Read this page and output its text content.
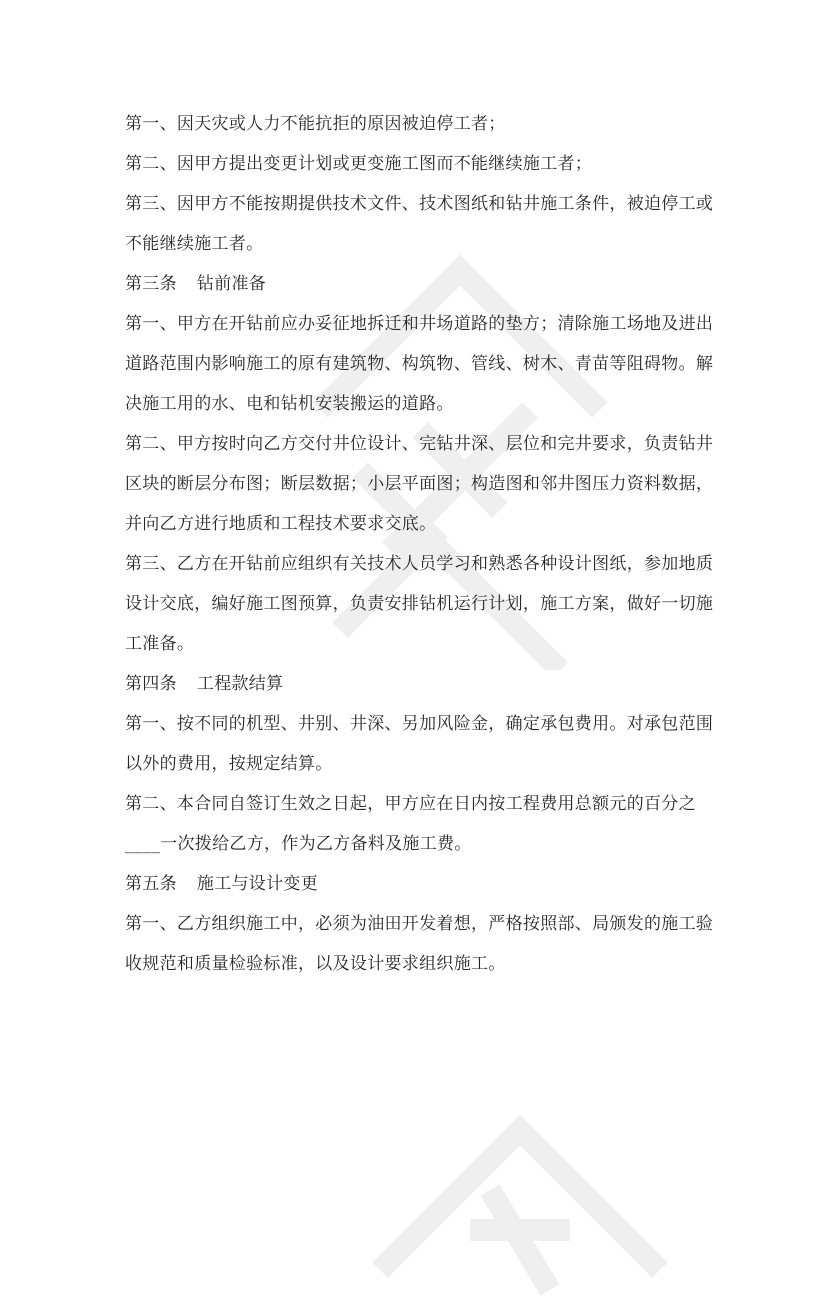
第一、因天灾或人力不能抗拒的原因被迫停工者；
第二、因甲方提出变更计划或更变施工图而不能继续施工者；
第三、因甲方不能按期提供技术文件、技术图纸和钻井施工条件，被迫停工或
不能继续施工者。
第三条 钻前准备
第一、甲方在开钻前应办妥征地拆迁和井场道路的垫方；清除施工场地及进出
道路范围内影响施工的原有建筑物、构筑物、管线、树木、青苗等阻碍物。解
决施工用的水、电和钻机安装搬运的道路。
第二、甲方按时向乙方交付井位设计、完钻井深、层位和完井要求，负责钻井
区块的断层分布图；断层数据；小层平面图；构造图和邻井图压力资料数据，
并向乙方进行地质和工程技术要求交底。
第三、乙方在开钻前应组织有关技术人员学习和熟悉各种设计图纸，参加地质
设计交底，编好施工图预算，负责安排钻机运行计划，施工方案，做好一切施
工准备。
第四条 工程款结算
第一、按不同的机型、井别、井深、另加风险金，确定承包费用。对承包范围
以外的费用，按规定结算。
第二、本合同自签订生效之日起，甲方应在日内按工程费用总额元的百分之
____一次拨给乙方，作为乙方备料及施工费。
第五条 施工与设计变更
第一、乙方组织施工中，必须为油田开发着想，严格按照部、局颁发的施工验
收规范和质量检验标准，以及设计要求组织施工。
